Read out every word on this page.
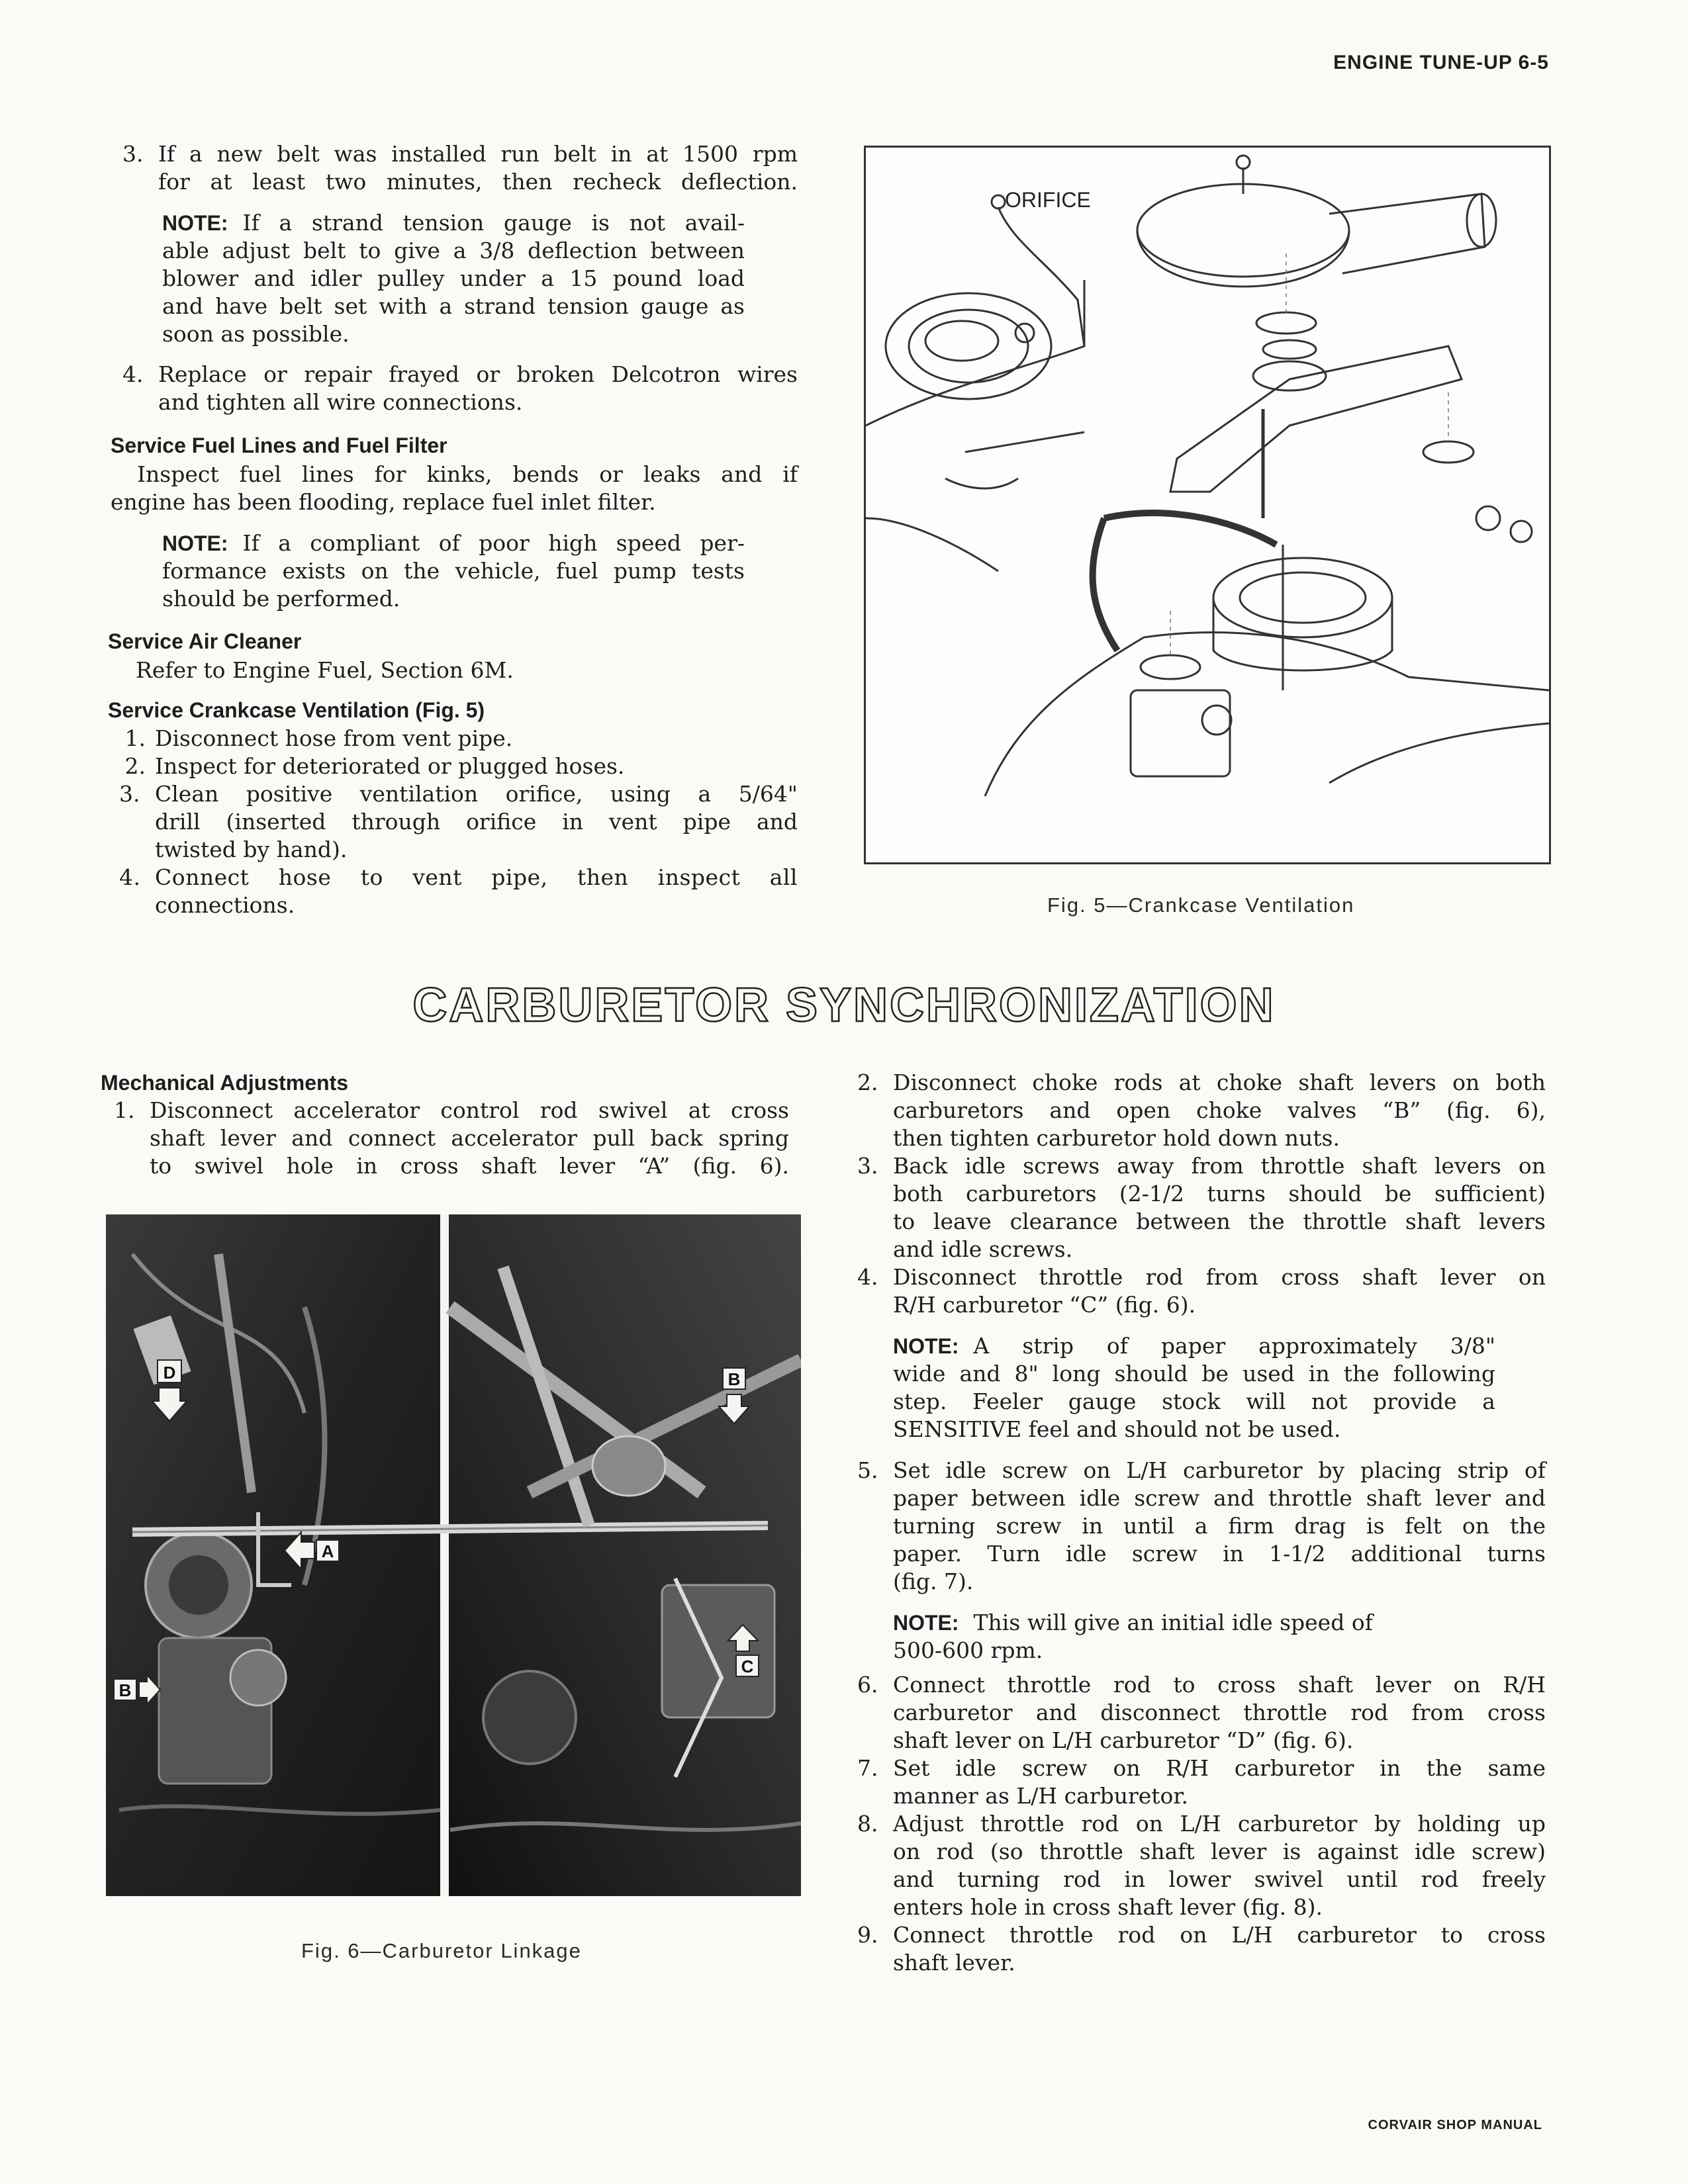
ENGINE TUNE-UP 6-5
3. If a new belt was installed run belt in at 1500 rpm
for at least two minutes, then recheck deflection.
NOTE: If a strand tension gauge is not avail-
able adjust belt to give a 3/8 deflection between
blower and idler pulley under a 15 pound load
and have belt set with a strand tension gauge as
soon as possible.
4. Replace or repair frayed or broken Delcotron wires
and tighten all wire connections.
Service Fuel Lines and Fuel Filter
Inspect fuel lines for kinks, bends or leaks and if
engine has been flooding, replace fuel inlet filter.
NOTE: If a compliant of poor high speed per-
formance exists on the vehicle, fuel pump tests
should be performed.
Service Air Cleaner
Refer to Engine Fuel, Section 6M.
Service Crankcase Ventilation (Fig. 5)
1. Disconnect hose from vent pipe.
2. Inspect for deteriorated or plugged hoses.
3. Clean positive ventilation orifice, using a 5/64"
drill (inserted through orifice in vent pipe and
twisted by hand).
4. Connect hose to vent pipe, then inspect all
connections.
ORIFICE
Fig. 5—Crankcase Ventilation
CARBURETOR SYNCHRONIZATION
Mechanical Adjustments
1. Disconnect accelerator control rod swivel at cross
shaft lever and connect accelerator pull back spring
to swivel hole in cross shaft lever “A” (fig. 6).
D
A
B
B
C
Fig. 6—Carburetor Linkage
2. Disconnect choke rods at choke shaft levers on both
carburetors and open choke valves “B” (fig. 6),
then tighten carburetor hold down nuts.
3. Back idle screws away from throttle shaft levers on
both carburetors (2-1/2 turns should be sufficient)
to leave clearance between the throttle shaft levers
and idle screws.
4. Disconnect throttle rod from cross shaft lever on
R/H carburetor “C” (fig. 6).
NOTE: A strip of paper approximately 3/8"
wide and 8" long should be used in the following
step. Feeler gauge stock will not provide a
SENSITIVE feel and should not be used.
5. Set idle screw on L/H carburetor by placing strip of
paper between idle screw and throttle shaft lever and
turning screw in until a firm drag is felt on the
paper. Turn idle screw in 1-1/2 additional turns
(fig. 7).
NOTE: This will give an initial idle speed of
500-600 rpm.
6. Connect throttle rod to cross shaft lever on R/H
carburetor and disconnect throttle rod from cross
shaft lever on L/H carburetor “D” (fig. 6).
7. Set idle screw on R/H carburetor in the same
manner as L/H carburetor.
8. Adjust throttle rod on L/H carburetor by holding up
on rod (so throttle shaft lever is against idle screw)
and turning rod in lower swivel until rod freely
enters hole in cross shaft lever (fig. 8).
9. Connect throttle rod on L/H carburetor to cross
shaft lever.
CORVAIR SHOP MANUAL
